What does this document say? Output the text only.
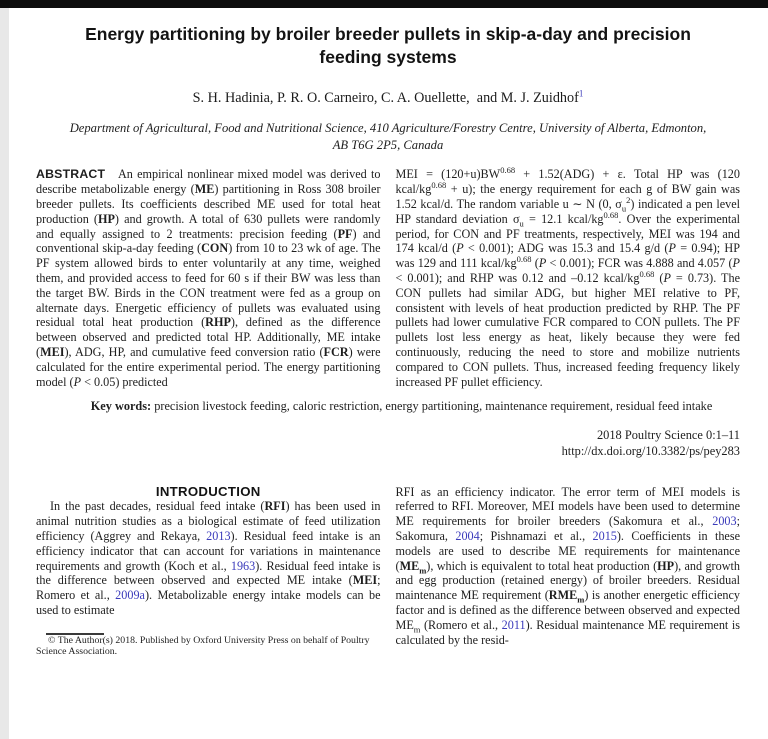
Energy partitioning by broiler breeder pullets in skip-a-day and precision feeding systems
S. H. Hadinia, P. R. O. Carneiro, C. A. Ouellette,  and M. J. Zuidhof$^1$
Department of Agricultural, Food and Nutritional Science, 410 Agriculture/Forestry Centre, University of Alberta, Edmonton, AB T6G 2P5, Canada

ABSTRACT   An empirical nonlinear mixed model was derived to describe metabolizable energy (ME) partitioning in Ross 308 broiler breeder pullets. Its coefficients described ME used for total heat production (HP) and growth. A total of 630 pullets were randomly and equally assigned to 2 treatments: precision feeding (PF) and conventional skip-a-day feeding (CON) from 10 to 23 wk of age. The PF system allowed birds to enter voluntarily at any time, weighed them, and provided access to feed for 60 s if their BW was less than the target BW. Birds in the CON treatment were fed as a group on alternate days. Energetic efficiency of pullets was evaluated using residual total heat production (RHP), defined as the difference between observed and predicted total HP. Additionally, ME intake (MEI), ADG, HP, and cumulative feed conversion ratio (FCR) were calculated for the entire experimental period. The energy partitioning model (P < 0.05) predicted

MEI = $(120+u)BW^{0.68} + 1.52(ADG) + \varepsilon$. Total HP was (120 kcal/$kg^{0.68} + u$); the energy requirement for each g of BW gain was 1.52 kcal/d. The random variable u ∼ N (0, $\sigma_u^2$) indicated a pen level HP standard deviation $\sigma_u = 12.1$ kcal/$kg^{0.68}$. Over the experimental period, for CON and PF treatments, respectively, MEI was 194 and 174 kcal/d (P < 0.001); ADG was 15.3 and 15.4 g/d (P = 0.94); HP was 129 and 111 kcal/$kg^{0.68}$ (P < 0.001); FCR was 4.888 and 4.057 (P < 0.001); and RHP was 0.12 and –0.12 kcal/$kg^{0.68}$ (P = 0.73). The CON pullets had similar ADG, but higher MEI relative to PF, consistent with levels of heat production predicted by RHP. The PF pullets had lower cumulative FCR compared to CON pullets. The PF pullets lost less energy as heat, likely because they were fed continuously, reducing the need to store and mobilize nutrients compared to CON pullets. Thus, increased feeding frequency likely increased PF pullet efficiency.

Key words: precision livestock feeding, caloric restriction, energy partitioning, maintenance requirement, residual feed intake

2018 Poultry Science 0:1–11
http://dx.doi.org/10.3382/ps/pey283
INTRODUCTION

In the past decades, residual feed intake (RFI) has been used in animal nutrition studies as a biological estimate of feed utilization efficiency (Aggrey and Rekaya, 2013). Residual feed intake is an efficiency indicator that can account for variations in maintenance requirements and growth (Koch et al., 1963). Residual feed intake is the difference between observed and expected ME intake (MEI; Romero et al., 2009a). Metabolizable energy intake models can be used to estimate

© The Author(s) 2018. Published by Oxford University Press on behalf of Poultry Science Association.

RFI as an efficiency indicator. The error term of MEI models is referred to RFI. Moreover, MEI models have been used to determine ME requirements for broiler breeders (Sakomura et al., 2003; Sakomura, 2004; Pishnamazi et al., 2015). Coefficients in these models are used to describe ME requirements for maintenance $(ME_m)$, which is equivalent to total heat production (HP), and growth and egg production (retained energy) of broiler breeders. Residual maintenance ME requirement $(RME_m)$ is another energetic efficiency factor and is defined as the difference between observed and expected $ME_m$ (Romero et al., 2011). Residual maintenance ME requirement is calculated by the resid-
